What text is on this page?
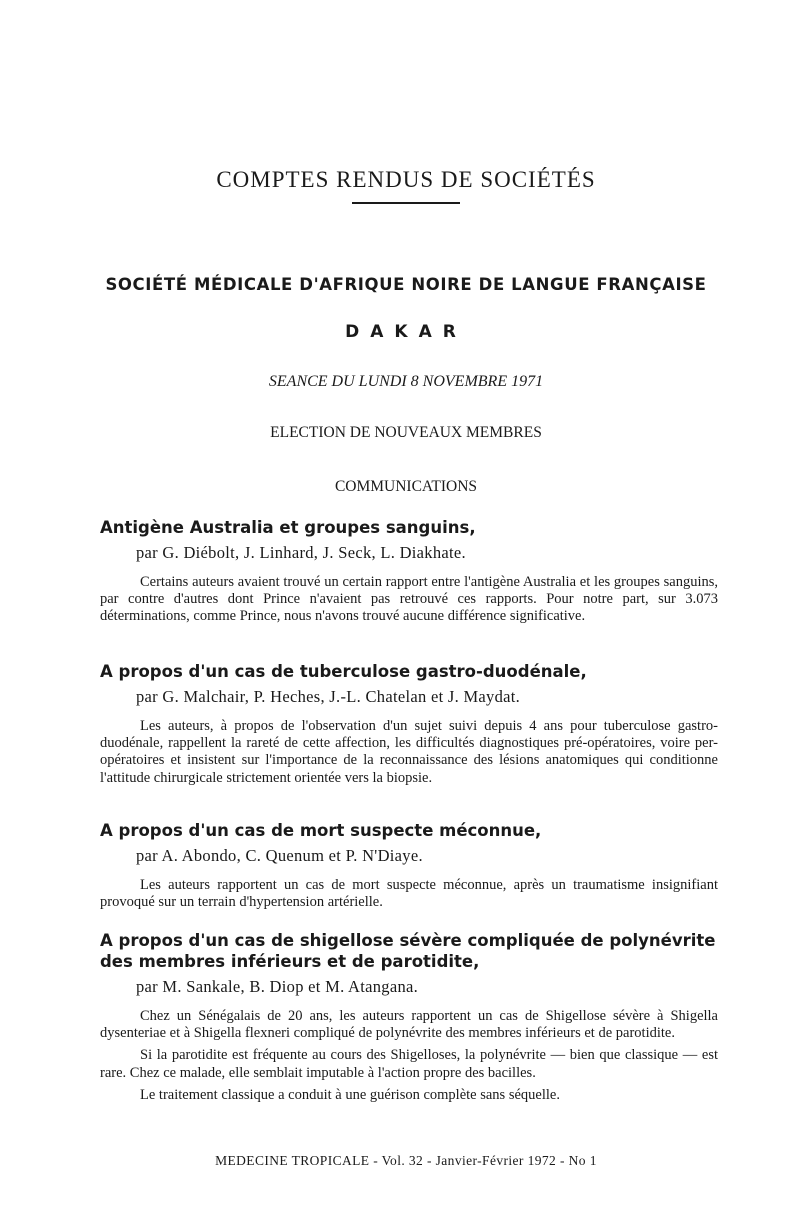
COMPTES RENDUS DE SOCIÉTÉS
SOCIÉTÉ MÉDICALE D'AFRIQUE NOIRE DE LANGUE FRANÇAISE
DAKAR
SEANCE DU LUNDI 8 NOVEMBRE 1971
ELECTION DE NOUVEAUX MEMBRES
COMMUNICATIONS
Antigène Australia et groupes sanguins,
par G. Diébolt, J. Linhard, J. Seck, L. Diakhate.

Certains auteurs avaient trouvé un certain rapport entre l'antigène Australia et les groupes sanguins, par contre d'autres dont Prince n'avaient pas retrouvé ces rapports. Pour notre part, sur 3.073 déterminations, comme Prince, nous n'avons trouvé aucune différence significative.

A propos d'un cas de tuberculose gastro-duodénale,
par G. Malchair, P. Heches, J.-L. Chatelan et J. Maydat.

Les auteurs, à propos de l'observation d'un sujet suivi depuis 4 ans pour tuberculose gastro-duodénale, rappellent la rareté de cette affection, les difficultés diagnostiques pré-opératoires, voire per-opératoires et insistent sur l'importance de la reconnaissance des lésions anatomiques qui conditionne l'attitude chirurgicale strictement orientée vers la biopsie.

A propos d'un cas de mort suspecte méconnue,
par A. Abondo, C. Quenum et P. N'Diaye.

Les auteurs rapportent un cas de mort suspecte méconnue, après un traumatisme insignifiant provoqué sur un terrain d'hypertension artérielle.

A propos d'un cas de shigellose sévère compliquée de polynévrite des membres inférieurs et de parotidite,
par M. Sankale, B. Diop et M. Atangana.

Chez un Sénégalais de 20 ans, les auteurs rapportent un cas de Shigellose sévère à Shigella dysenteriae et à Shigella flexneri compliqué de polynévrite des membres inférieurs et de parotidite.

Si la parotidite est fréquente au cours des Shigelloses, la polynévrite — bien que classique — est rare. Chez ce malade, elle semblait imputable à l'action propre des bacilles.

Le traitement classique a conduit à une guérison complète sans séquelle.

MEDECINE TROPICALE - Vol. 32 - Janvier-Février 1972 - No 1
